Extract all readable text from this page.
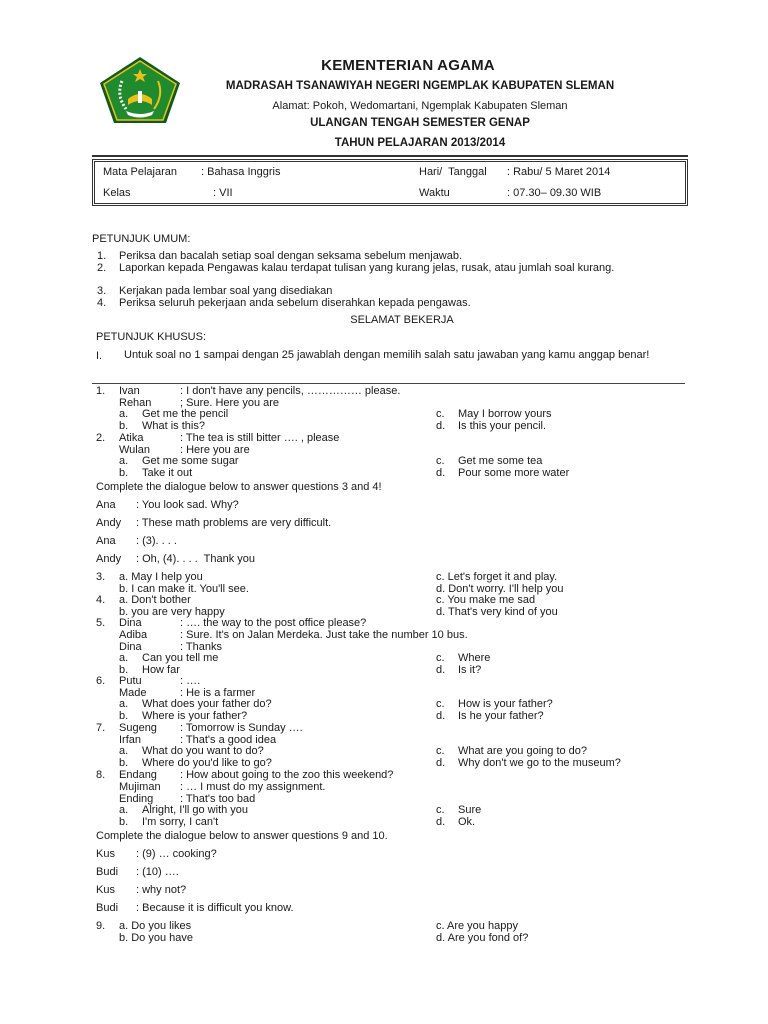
KEMENTERIAN AGAMA
MADRASAH TSANAWIYAH NEGERI NGEMPLAK KABUPATEN SLEMAN
Alamat: Pokoh, Wedomartani, Ngemplak Kabupaten Sleman
ULANGAN TENGAH SEMESTER GENAP
TAHUN PELAJARAN 2013/2014
Mata Pelajaran : Bahasa Inggris
Kelas	: VII
Hari/  Tanggal : Rabu/ 5 Maret 2014
Waktu	: 07.30– 09.30 WIB
PETUNJUK UMUM:
1. Periksa dan bacalah setiap soal dengan seksama sebelum menjawab.
2. Laporkan kepada Pengawas kalau terdapat tulisan yang kurang jelas, rusak, atau jumlah soal kurang.
3. Kerjakan pada lembar soal yang disediakan
4. Periksa seluruh pekerjaan anda sebelum diserahkan kepada pengawas.
SELAMAT BEKERJA
PETUNJUK KHUSUS:
I. Untuk soal no 1 sampai dengan 25 jawablah dengan memilih salah satu jawaban yang kamu anggap benar!
1. Ivan	: I don't have any pencils, …………… please.
Rehan	; Sure. Here you are
a. Get me the pencil
b. What is this?
c. May I borrow yours
d. Is this your pencil.
2. Atika	: The tea is still bitter …. , please
Wulan	: Here you are
a. Get me some sugar
b. Take it out
c. Get me some tea
d. Pour some more water
Complete the dialogue below to answer questions 3 and 4!
Ana : You look sad. Why?
Andy : These math problems are very difficult.
Ana : (3). . . .
Andy : Oh, (4). . . .  Thank you
3. a. May I help you
b. I can make it. You'll see.
c. Let's forget it and play.
d. Don't worry. I'll help you
4. a. Don't bother
b. you are very happy
c. You make me sad
d. That's very kind of you
5. Dina	: …. the way to the post office please?
Adiba	: Sure. It's on Jalan Merdeka. Just take the number 10 bus.
Dina	: Thanks
a. Can you tell me
b. How far
c. Where
d. Is it?
6. Putu	: ….
Made	: He is a farmer
a. What does your father do?
b. Where is your father?
c. How is your father?
d. Is he your father?
7. Sugeng : Tomorrow is Sunday ….
Irfan	: That's a good idea
a. What do you want to do?
b. Where do you'd like to go?
c. What are you going to do?
d. Why don't we go to the museum?
8. Endang : How about going to the zoo this weekend?
Mujiman : … I must do my assignment.
Ending : That's too bad
a. Alright, I'll go with you
b. I'm sorry, I can't
c. Sure
d. Ok.
Complete the dialogue below to answer questions 9 and 10.
Kus : (9) … cooking?
Budi : (10) ….
Kus : why not?
Budi : Because it is difficult you know.
9. a. Do you likes
b. Do you have
c. Are you happy
d. Are you fond of?
